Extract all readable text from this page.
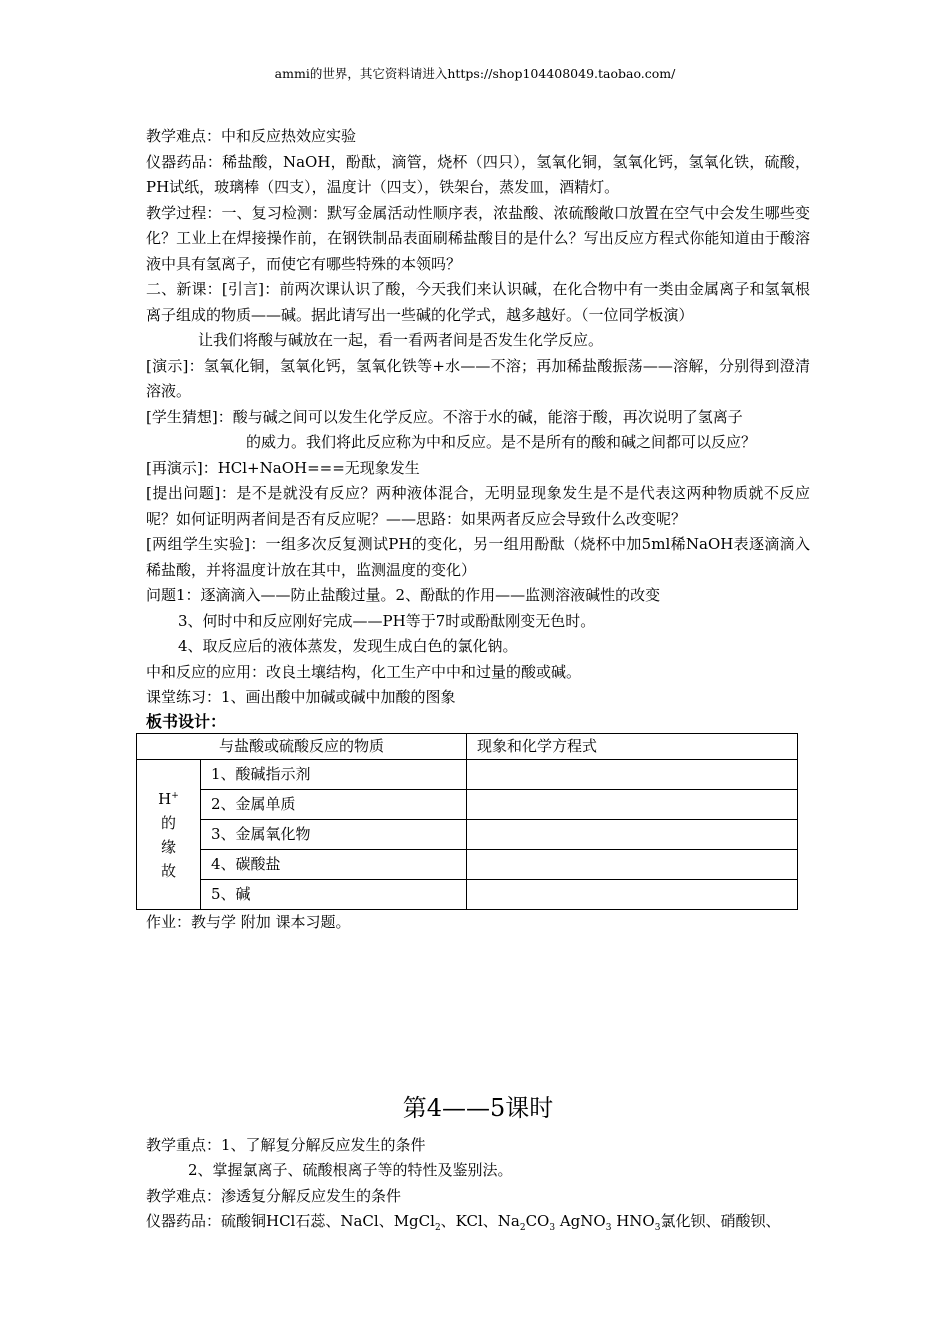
ammi的世界，其它资料请进入https://shop104408049.taobao.com/

教学难点：中和反应热效应实验

仪器药品：稀盐酸，NaOH，酚酞，滴管，烧杯（四只），氢氧化铜，氢氧化钙，氢氧化铁，硫酸，PH试纸，玻璃棒（四支），温度计（四支），铁架台，蒸发皿，酒精灯。

教学过程：一、复习检测：默写金属活动性顺序表，浓盐酸、浓硫酸敞口放置在空气中会发生哪些变化？工业上在焊接操作前，在钢铁制品表面刷稀盐酸目的是什么？写出反应方程式你能知道由于酸溶液中具有氢离子，而使它有哪些特殊的本领吗？

二、新课：[引言]：前两次课认识了酸，今天我们来认识碱，在化合物中有一类由金属离子和氢氧根离子组成的物质——碱。据此请写出一些碱的化学式，越多越好。（一位同学板演）

让我们将酸与碱放在一起，看一看两者间是否发生化学反应。

[演示]：氢氧化铜，氢氧化钙，氢氧化铁等+水——不溶；再加稀盐酸振荡——溶解，分别得到澄清溶液。

[学生猜想]：酸与碱之间可以发生化学反应。不溶于水的碱，能溶于酸，再次说明了氢离子

的威力。我们将此反应称为中和反应。是不是所有的酸和碱之间都可以反应？

[再演示]：HCl+NaOH===无现象发生

[提出问题]：是不是就没有反应？两种液体混合，无明显现象发生是不是代表这两种物质就不反应呢？如何证明两者间是否有反应呢？——思路：如果两者反应会导致什么改变呢？

[两组学生实验]：一组多次反复测试PH的变化，另一组用酚酞（烧杯中加5ml稀NaOH表逐滴滴入稀盐酸，并将温度计放在其中，监测温度的变化）

问题1：逐滴滴入——防止盐酸过量。2、酚酞的作用——监测溶液碱性的改变

3、何时中和反应刚好完成——PH等于7时或酚酞刚变无色时。

4、取反应后的液体蒸发，发现生成白色的氯化钠。

中和反应的应用：改良土壤结构，化工生产中中和过量的酸或碱。

课堂练习：1、画出酸中加碱或碱中加酸的图象

板书设计：

与盐酸或硫酸反应的物质		现象和化学方程式

H+
的
缘
故	1、酸碱指示剂	
	2、金属单质	
	3、金属氧化物	
	4、碳酸盐	
	5、碱	

作业：教与学 附加 课本习题。

第4——5课时

教学重点：1、了解复分解反应发生的条件

2、掌握氯离子、硫酸根离子等的特性及鉴别法。

教学难点：渗透复分解反应发生的条件

仪器药品：硫酸铜HCl石蕊、NaCl、MgCl$_2$、KCl、$Na_2CO_3$ AgNO$_3$ $HNO_3$氯化钡、硝酸钡、
